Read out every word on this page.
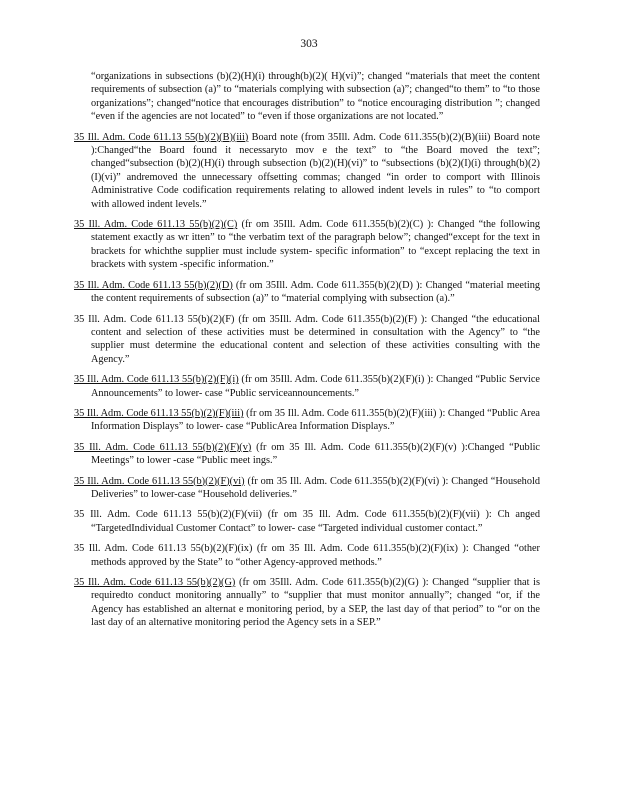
303

“organizations in subsections (b)(2)(H)(i) through(b)(2)( H)(vi)”; changed “materials that meet the content requirements of subsection (a)” to “materials complying with subsection (a)”; changed“to them” to “to those organizations”; changed“notice that encourages distribution” to “notice encouraging distribution ”; changed “even if the agencies are not located” to “even if those organizations are not located.”

35 Ill. Adm. Code 611.13 55(b)(2)(B)(iii) Board note (from 35Ill. Adm. Code 611.355(b)(2)(B)(iii) Board note ):Changed“the Board found it necessaryto mov e the text” to “the Board moved the text”; changed“subsection (b)(2)(H)(i) through subsection (b)(2)(H)(vi)” to “subsections (b)(2)(I)(i) through(b)(2)(I)(vi)” andremoved the unnecessary offsetting commas; changed “in order to comport with Illinois Administrative Code codification requirements relating to allowed indent levels in rules” to “to comport with allowed indent levels.”

35 Ill. Adm. Code 611.13 55(b)(2)(C) (fr om 35Ill. Adm. Code 611.355(b)(2)(C) ): Changed “the following statement exactly as wr itten” to “the verbatim text of the paragraph below”; changed“except for the text in brackets for whichthe supplier must include system- specific information” to “except replacing the text in brackets with system -specific information.”

35 Ill. Adm. Code 611.13 55(b)(2)(D) (fr om 35Ill. Adm. Code 611.355(b)(2)(D) ): Changed “material meeting the content requirements of subsection (a)” to “material complying with subsection (a).”

35 Ill. Adm. Code 611.13 55(b)(2)(F) (fr om 35Ill. Adm. Code 611.355(b)(2)(F) ): Changed “the educational content and selection of these activities must be determined in consultation with the Agency” to “the supplier must determine the educational content and selection of these activities consulting with the Agency.”

35 Ill. Adm. Code 611.13 55(b)(2)(F)(i) (fr om 35Ill. Adm. Code 611.355(b)(2)(F)(i) ): Changed “Public Service Announcements” to lower- case “Public serviceannouncements.”

35 Ill. Adm. Code 611.13 55(b)(2)(F)(iii) (fr om 35 Ill. Adm. Code 611.355(b)(2)(F)(iii) ): Changed “Public Area Information Displays” to lower- case “PublicArea Information Displays.”

35 Ill. Adm. Code 611.13 55(b)(2)(F)(v) (fr om 35 Ill. Adm. Code 611.355(b)(2)(F)(v) ):Changed “Public Meetings” to lower -case “Public meet ings.”

35 Ill. Adm. Code 611.13 55(b)(2)(F)(vi) (fr om 35 Ill. Adm. Code 611.355(b)(2)(F)(vi) ): Changed “Household Deliveries” to lower-case “Household deliveries.”

35 Ill. Adm. Code 611.13 55(b)(2)(F)(vii) (fr om 35 Ill. Adm. Code 611.355(b)(2)(F)(vii) ): Ch anged “TargetedIndividual Customer Contact” to lower- case “Targeted individual customer contact.”

35 Ill. Adm. Code 611.13 55(b)(2)(F)(ix) (fr om 35 Ill. Adm. Code 611.355(b)(2)(F)(ix) ): Changed “other methods approved by the State” to “other Agency-approved methods.”

35 Ill. Adm. Code 611.13 55(b)(2)(G) (fr om 35Ill. Adm. Code 611.355(b)(2)(G) ): Changed “supplier that is requiredto conduct monitoring annually” to “supplier that must monitor annually”; changed “or, if the Agency has established an alternat e monitoring period, by a SEP, the last day of that period” to “or on the last day of an alternative monitoring period the Agency sets in a SEP.”
